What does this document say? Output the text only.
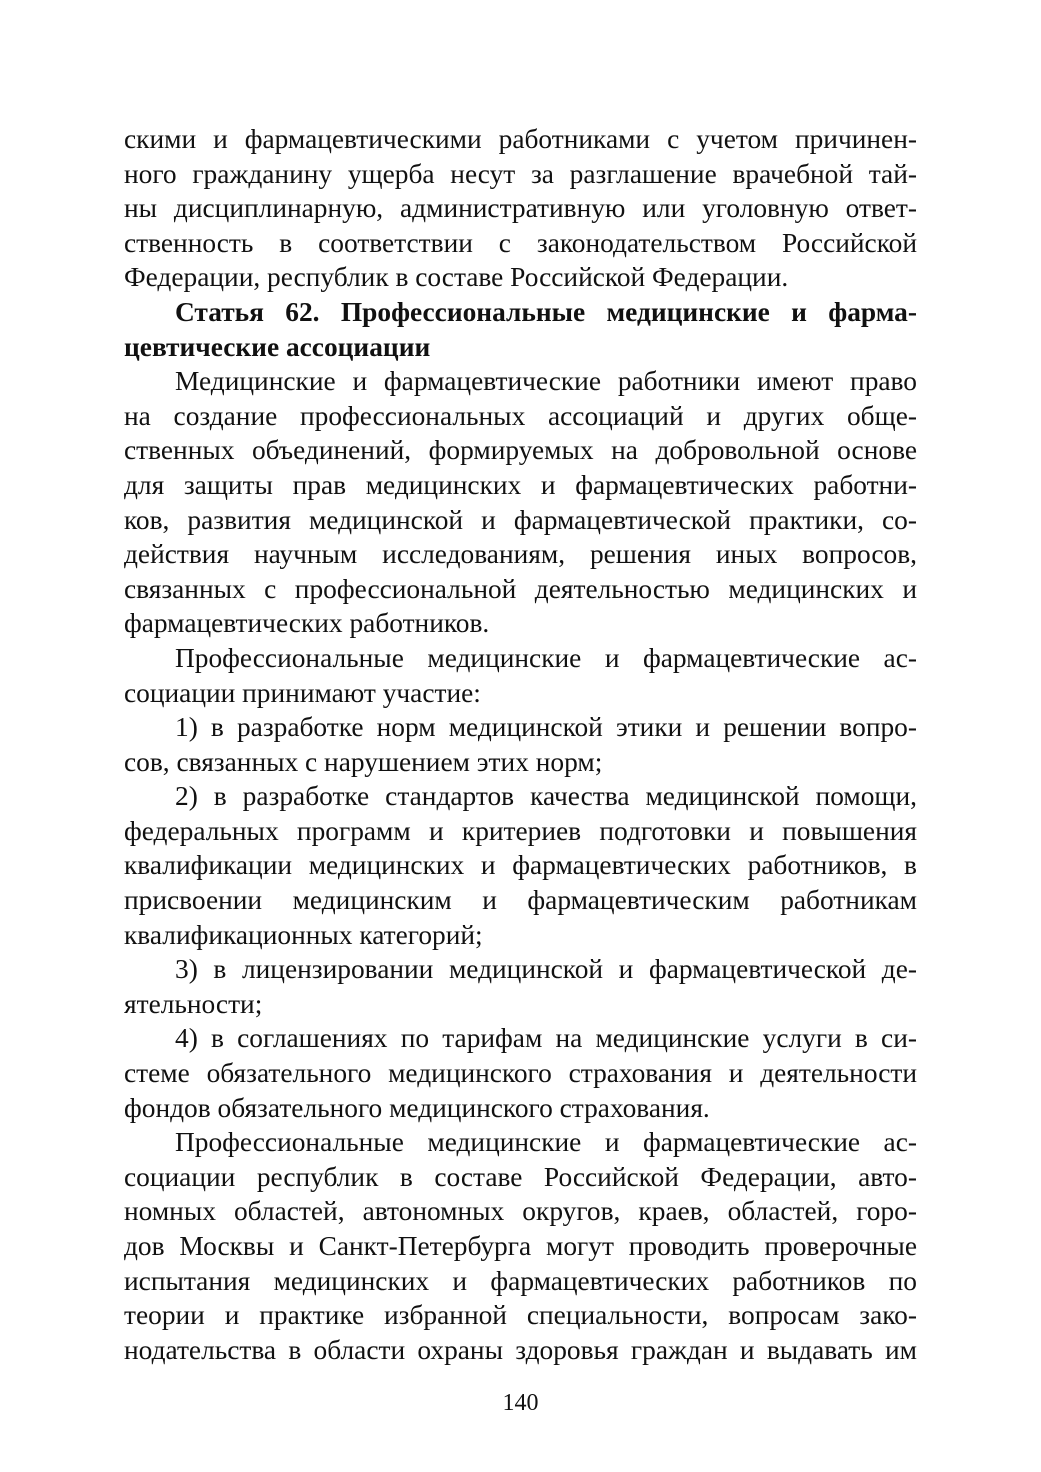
скими и фармацевтическими работниками с учетом причинен-
ного гражданину ущерба несут за разглашение врачебной тай-
ны дисциплинарную, административную или уголовную ответ-
ственность в соответствии с законодательством Российской
Федерации, республик в составе Российской Федерации.
Статья 62. Профессиональные медицинские и фарма-
цевтические ассоциации
Медицинские и фармацевтические работники имеют право
на создание профессиональных ассоциаций и других обще-
ственных объединений, формируемых на добровольной основе
для защиты прав медицинских и фармацевтических работни-
ков, развития медицинской и фармацевтической практики, со-
действия научным исследованиям, решения иных вопросов,
связанных с профессиональной деятельностью медицинских и
фармацевтических работников.
Профессиональные медицинские и фармацевтические ас-
социации принимают участие:
1) в разработке норм медицинской этики и решении вопро-
сов, связанных с нарушением этих норм;
2) в разработке стандартов качества медицинской помощи,
федеральных программ и критериев подготовки и повышения
квалификации медицинских и фармацевтических работников, в
присвоении медицинским и фармацевтическим работникам
квалификационных категорий;
3) в лицензировании медицинской и фармацевтической де-
ятельности;
4) в соглашениях по тарифам на медицинские услуги в си-
стеме обязательного медицинского страхования и деятельности
фондов обязательного медицинского страхования.
Профессиональные медицинские и фармацевтические ас-
социации республик в составе Российской Федерации, авто-
номных областей, автономных округов, краев, областей, горо-
дов Москвы и Санкт-Петербурга могут проводить проверочные
испытания медицинских и фармацевтических работников по
теории и практике избранной специальности, вопросам зако-
нодательства в области охраны здоровья граждан и выдавать им
140
